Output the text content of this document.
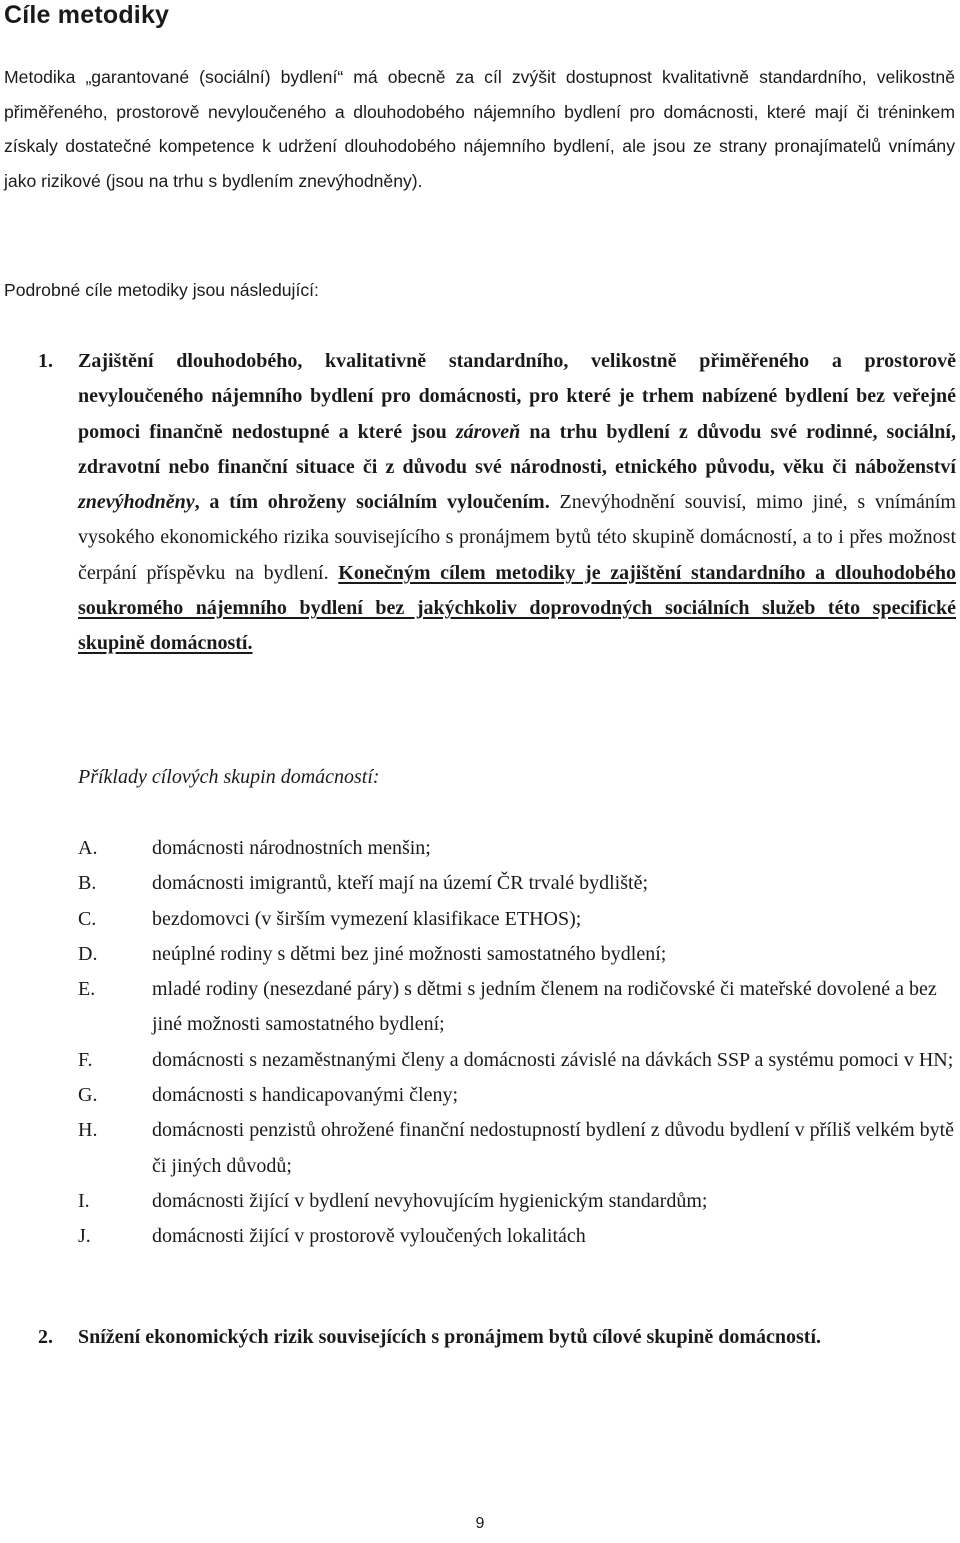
Cíle metodiky

Metodika „garantované (sociální) bydlení“ má obecně za cíl zvýšit dostupnost kvalitativně standardního, velikostně přiměřeného, prostorově nevyloučeného a dlouhodobého nájemního bydlení pro domácnosti, které mají či tréninkem získaly dostatečné kompetence k udržení dlouhodobého nájemního bydlení, ale jsou ze strany pronajímatelů vnímány jako rizikové (jsou na trhu s bydlením znevýhodněny).

Podrobné cíle metodiky jsou následující:

1. Zajištění dlouhodobého, kvalitativně standardního, velikostně přiměřeného a prostorově nevyloučeného nájemního bydlení pro domácnosti, pro které je trhem nabízené bydlení bez veřejné pomoci finančně nedostupné a které jsou zároveň na trhu bydlení z důvodu své rodinné, sociální, zdravotní nebo finanční situace či z důvodu své národnosti, etnického původu, věku či náboženství znevýhodněny, a tím ohroženy sociálním vyloučením. Znevýhodnění souvisí, mimo jiné, s vnímáním vysokého ekonomického rizika souvisejícího s pronájmem bytů této skupině domácností, a to i přes možnost čerpání příspěvku na bydlení. Konečným cílem metodiky je zajištění standardního a dlouhodobého soukromého nájemního bydlení bez jakýchkoliv doprovodných sociálních služeb této specifické skupině domácností.

Příklady cílových skupin domácností:

A.	domácnosti národnostních menšin;
B.	domácnosti imigrantů, kteří mají na území ČR trvalé bydliště;
C.	bezdomovci (v širším vymezení klasifikace ETHOS);
D.	neúplné rodiny s dětmi bez jiné možnosti samostatného bydlení;
E.	mladé rodiny (nesezdané páry) s dětmi s jedním členem na rodičovské či mateřské dovolené a bez jiné možnosti samostatného bydlení;
F.	domácnosti s nezaměstnanými členy a domácnosti závislé na dávkách SSP a systému pomoci v HN;
G.	domácnosti s handicapovanými členy;
H.	domácnosti penzistů ohrožené finanční nedostupností bydlení z důvodu bydlení v příliš velkém bytě či jiných důvodů;
I.	domácnosti žijící v bydlení nevyhovujícím hygienickým standardům;
J.	domácnosti žijící v prostorově vyloučených lokalitách
2. Snížení ekonomických rizik souvisejících s pronájmem bytů cílové skupině domácností.

9
